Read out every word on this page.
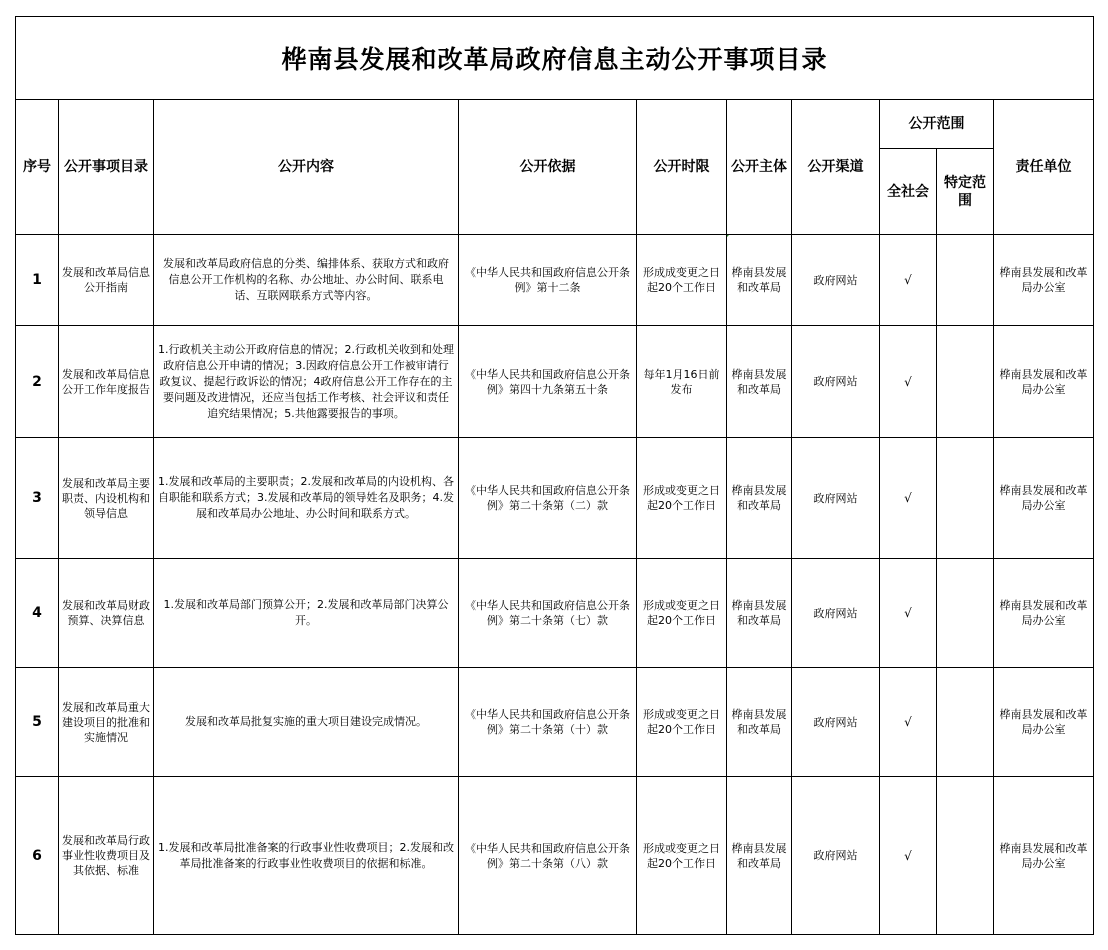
桦南县发展和改革局政府信息主动公开事项目录									
序号	公开事项目录	公开内容	公开依据	公开时限	公开主体	公开渠道	公开范围		责任单位
							全社会	特定范围	
1	发展和改革局信息公开指南	发展和改革局政府信息的分类、编排体系、获取方式和政府信息公开工作机构的名称、办公地址、办公时间、联系电话、互联网联系方式等内容。	《中华人民共和国政府信息公开条例》第十二条	形成成变更之日起20个工作日	桦南县发展和改革局	政府网站	√		桦南县发展和改革局办公室
2	发展和改革局信息公开工作年度报告	1.行政机关主动公开政府信息的情况；2.行政机关收到和处理政府信息公开申请的情况；3.因政府信息公开工作被审请行政复议、提起行政诉讼的情况；4政府信息公开工作存在的主要问题及改进情况，还应当包括工作考核、社会评议和责任追究结果情况；5.共他露要报告的事项。	《中华人民共和国政府信息公开条例》第四十九条第五十条	每年1月16日前发布	桦南县发展和改革局	政府网站	√		桦南县发展和改革局办公室
3	发展和改革局主要职责、内设机构和领导信息	1.发展和改革局的主要职责；2.发展和改革局的内设机构、各自职能和联系方式；3.发展和改革局的领导姓名及职务；4.发展和改革局办公地址、办公时间和联系方式。	《中华人民共和国政府信息公开条例》第二十条第（二）款	形成或变更之日起20个工作日	桦南县发展和改革局	政府网站	√		桦南县发展和改革局办公室
4	发展和改革局财政预算、决算信息	1.发展和改革局部门预算公开；2.发展和改革局部门决算公开。	《中华人民共和国政府信息公开条例》第二十条第（七）款	形成或变更之日起20个工作日	桦南县发展和改革局	政府网站	√		桦南县发展和改革局办公室
5	发展和改革局重大建设项目的批准和实施情况	发展和改革局批复实施的重大项目建设完成情况。	《中华人民共和国政府信息公开条例》第二十条第（十）款	形成或变更之日起20个工作日	桦南县发展和改革局	政府网站	√		桦南县发展和改革局办公室
6	发展和改革局行政事业性收费项目及其依据、标准	1.发展和改革局批准备案的行政事业性收费项目；2.发展和改革局批准备案的行政事业性收费项目的依据和标准。	《中华人民共和国政府信息公开条例》第二十条第（八）款	形成或变更之日起20个工作日	桦南县发展和改革局	政府网站	√		桦南县发展和改革局办公室
